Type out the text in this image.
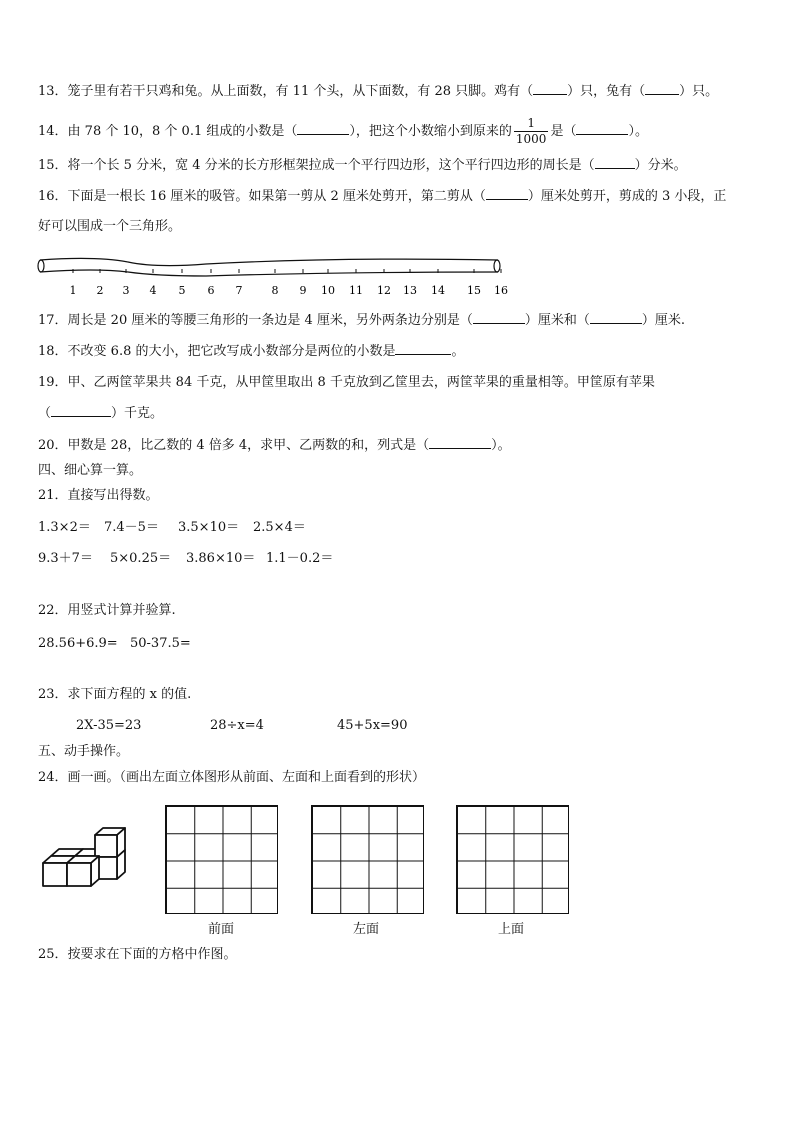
13．笼子里有若干只鸡和兔。从上面数，有 11 个头，从下面数，有 28 只脚。鸡有（	）只，兔有（	）只。
14．由 78 个 10，8 个 0.1 组成的小数是（	），把这个小数缩小到原来的 $\frac{1}{1000}$ 是（	）。
15．将一个长 5 分米，宽 4 分米的长方形框架拉成一个平行四边形，这个平行四边形的周长是（	）分米。
16．下面是一根长 16 厘米的吸管。如果第一剪从 2 厘米处剪开，第二剪从（	）厘米处剪开，剪成的 3 小段，正
好可以围成一个三角形。
1 2 3 4 5 6 7	8 9 10 11 12 13 14 15 16
17．周长是 20 厘米的等腰三角形的一条边是 4 厘米，另外两条边分别是（	）厘米和（	）厘米.
18．不改变 6.8 的大小，把它改写成小数部分是两位的小数是	。
19．甲、乙两筐苹果共 84 千克，从甲筐里取出 8 千克放到乙筐里去，两筐苹果的重量相等。甲筐原有苹果
（	）千克。
20．甲数是 28，比乙数的 4 倍多 4，求甲、乙两数的和，列式是（	）。
四、细心算一算。
21．直接写出得数。
1.3×2＝ 7.4－5＝ 3.5×10＝ 2.5×4＝
9.3＋7＝ 5×0.25＝ 3.86×10＝ 1.1－0.2＝
22．用竖式计算并验算.
28.56+6.9= 50-37.5=
23．求下面方程的 x 的值.
2X-35=23	28÷x=4	45+5x=90
五、动手操作。
24．画一画。（画出左面立体图形从前面、左面和上面看到的形状）
前面	左面	上面
25．按要求在下面的方格中作图。
